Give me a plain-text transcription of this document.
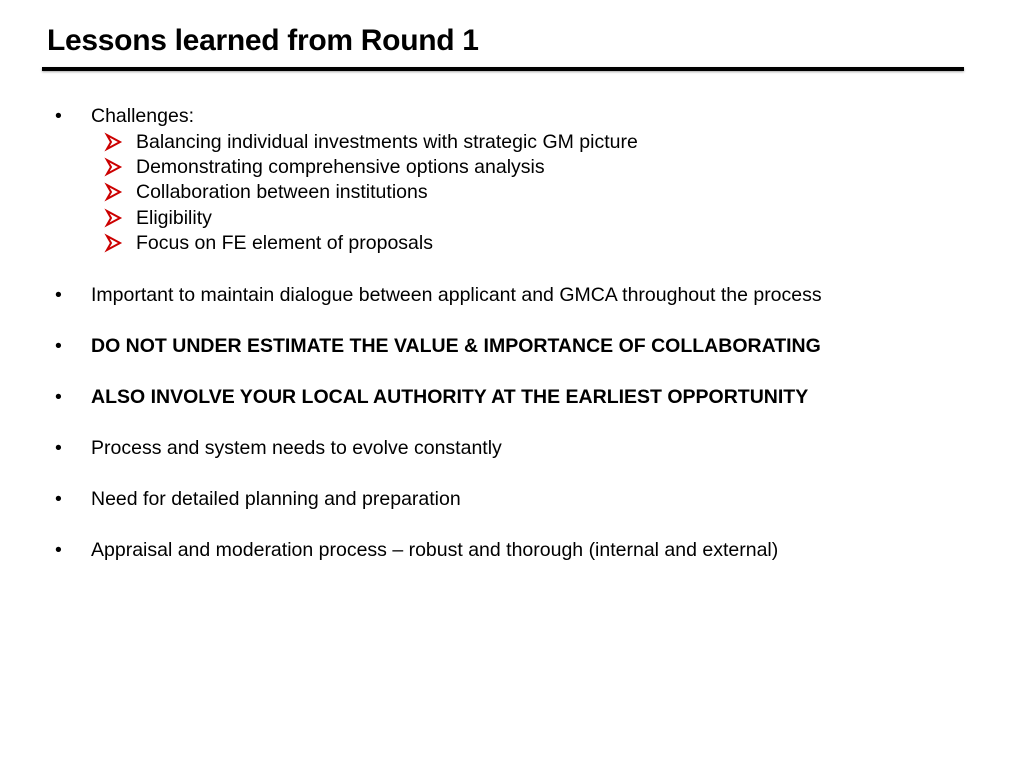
Lessons learned from Round 1
•	Challenges:
Balancing individual investments with strategic GM picture
Demonstrating comprehensive options analysis
Collaboration between institutions
Eligibility
Focus on FE element of proposals
•	Important to maintain dialogue between applicant and GMCA throughout the process
•	DO NOT UNDER ESTIMATE THE VALUE & IMPORTANCE OF COLLABORATING
•	ALSO INVOLVE YOUR LOCAL AUTHORITY AT THE EARLIEST OPPORTUNITY
•	Process and system needs to evolve constantly
•	Need for detailed planning and preparation
•	Appraisal and moderation process – robust and thorough (internal and external)
